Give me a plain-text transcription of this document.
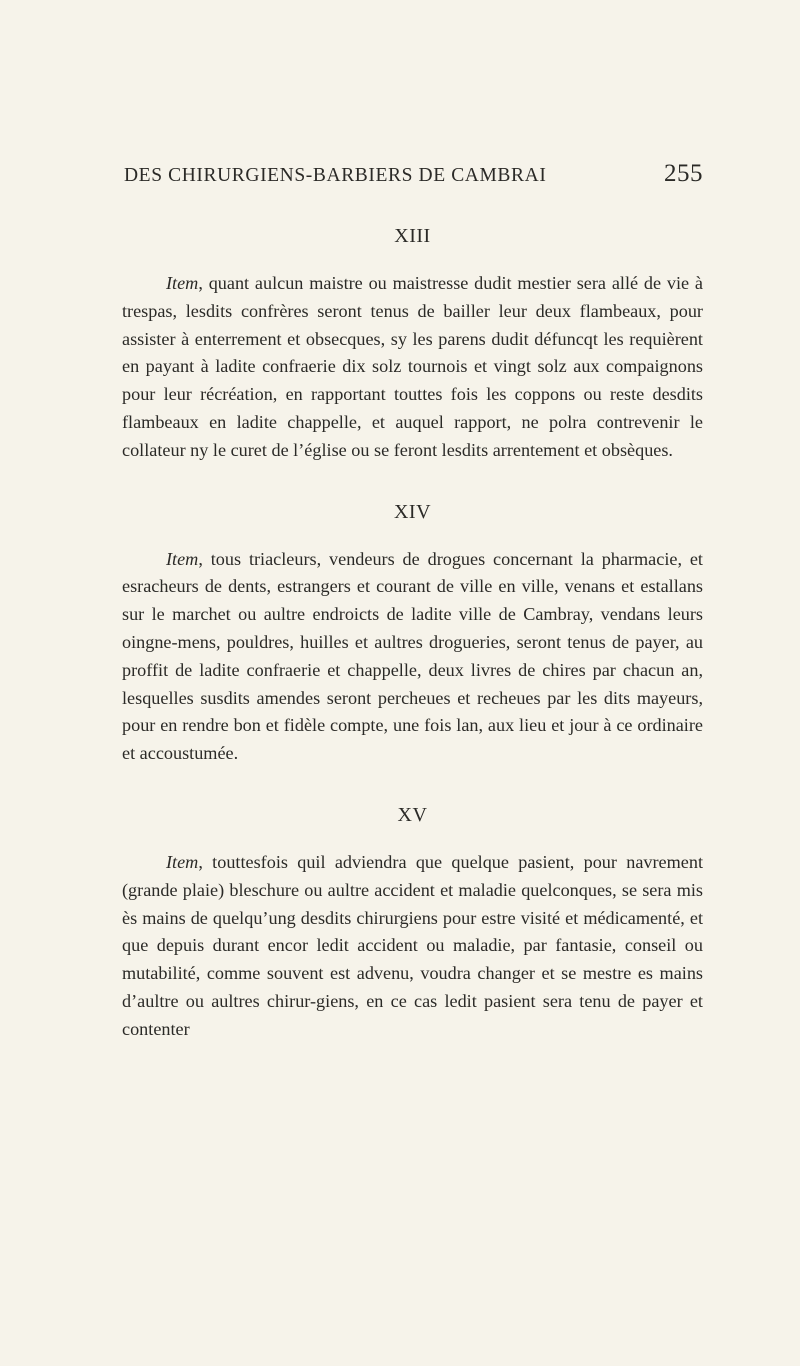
DES CHIRURGIENS-BARBIERS DE CAMBRAI	255
XIII

Item, quant aulcun maistre ou maistresse dudit mestier sera allé de vie à trespas, lesdits confrères seront tenus de bailler leur deux flambeaux, pour assister à enterrement et obsecques, sy les parens dudit défuncqt les requièrent en payant à ladite confraerie dix solz tournois et vingt solz aux compaignons pour leur récréation, en rapportant touttes fois les coppons ou reste desdits flambeaux en ladite chappelle, et auquel rapport, ne polra contrevenir le collateur ny le curet de l’église ou se feront lesdits arrentement et obsèques.

XIV

Item, tous triacleurs, vendeurs de drogues concernant la pharmacie, et esracheurs de dents, estrangers et courant de ville en ville, venans et estallans sur le marchet ou aultre endroicts de ladite ville de Cambray, vendans leurs oingne-mens, pouldres, huilles et aultres drogueries, seront tenus de payer, au proffit de ladite confraerie et chappelle, deux livres de chires par chacun an, lesquelles susdits amendes seront percheues et recheues par les dits mayeurs, pour en rendre bon et fidèle compte, une fois lan, aux lieu et jour à ce ordinaire et accoustumée.

XV

Item, touttesfois quil adviendra que quelque pasient, pour navrement (grande plaie) bleschure ou aultre accident et maladie quelconques, se sera mis ès mains de quelqu’ung desdits chirurgiens pour estre visité et médicamenté, et que depuis durant encor ledit accident ou maladie, par fantasie, conseil ou mutabilité, comme souvent est advenu, voudra changer et se mestre es mains d’aultre ou aultres chirur-giens, en ce cas ledit pasient sera tenu de payer et contenter
